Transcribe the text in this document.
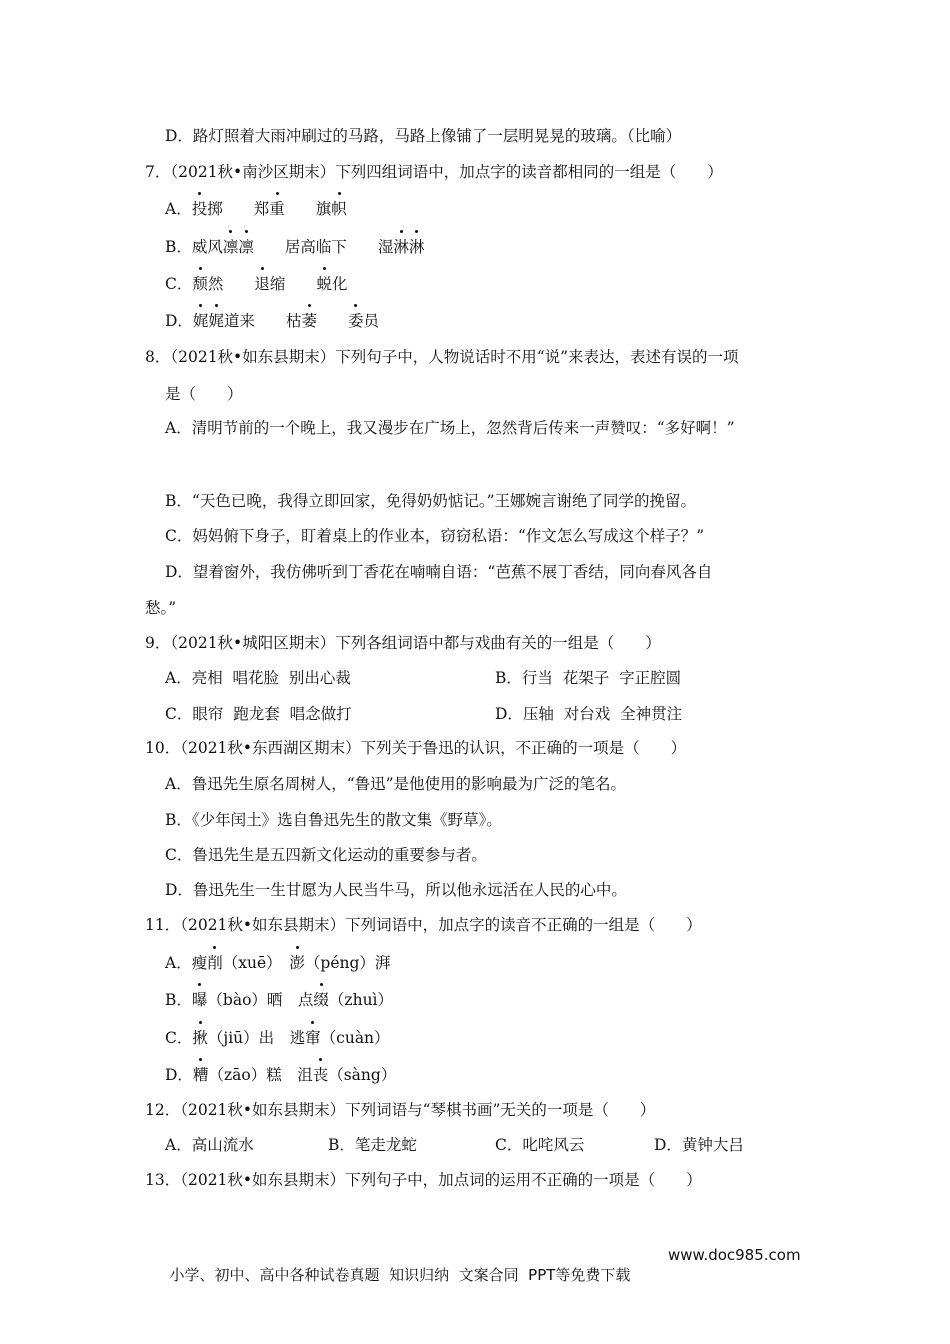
D．路灯照着大雨冲刷过的马路，马路上像铺了一层明晃晃的玻璃。（比喻）
7．（2021秋•南沙区期末）下列四组词语中，加点字的读音都相同的一组是（　　）
A．投掷　　郑重　　旗帜
B．威风凛凛　　居高临下　　湿淋淋
C．颓然　　退缩　　蜕化
D．娓娓道来　　枯萎　　 委员
8．（2021秋•如东县期末）下列句子中，人物说话时不用“说”来表达，表述有误的一项
是（　　）
A．清明节前的一个晚上，我又漫步在广场上，忽然背后传来一声赞叹：“多好啊！”
B．“天色已晚，我得立即回家，免得奶奶惦记。”王娜婉言谢绝了同学的挽留。
C．妈妈俯下身子，盯着桌上的作业本，窃窃私语：“作文怎么写成这个样子？”
D．望着窗外，我仿佛听到丁香花在喃喃自语：“芭蕉不展丁香结，同向春风各自
愁。”
9．（2021秋•城阳区期末）下列各组词语中都与戏曲有关的一组是（　　）
A．亮相  唱花脸  别出心裁	B．行当  花架子  字正腔圆
C．眼帘  跑龙套  唱念做打	D．压轴  对台戏  全神贯注
10．（2021秋•东西湖区期末）下列关于鲁迅的认识，不正确的一项是（　　）
A．鲁迅先生原名周树人，“鲁迅”是他使用的影响最为广泛的笔名。
B．《少年闰土》选自鲁迅先生的散文集《野草》。
C．鲁迅先生是五四新文化运动的重要参与者。
D．鲁迅先生一生甘愿为人民当牛马，所以他永远活在人民的心中。
11．（2021秋•如东县期末）下列词语中，加点字的读音不正确的一组是（　　）
A．瘦削（xuē）　澎（péng）湃
B．曝（bào）晒　点缀（zhuì）
C．揪（jiū）出　逃窜（cuàn）
D．糟（zāo）糕　沮丧（sàng）
12．（2021秋•如东县期末）下列词语与“琴棋书画”无关的一项是（　　）
A．高山流水	B．笔走龙蛇	C．叱咤风云	D．黄钟大吕
13．（2021秋•如东县期末）下列句子中，加点词的运用不正确的一项是（　　）

小学、初中、高中各种试卷真题  知识归纳  文案合同  PPT等免费下载

www.doc985.com
